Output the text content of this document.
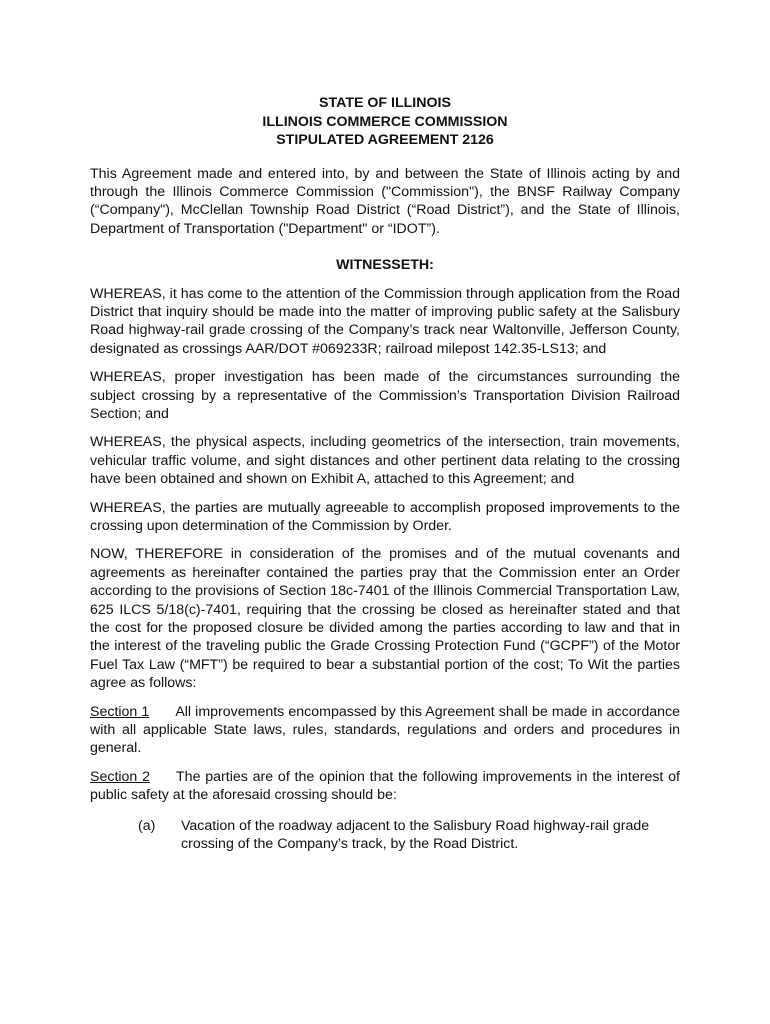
STATE OF ILLINOIS
ILLINOIS COMMERCE COMMISSION
STIPULATED AGREEMENT 2126

This Agreement made and entered into, by and between the State of Illinois acting by and through the Illinois Commerce Commission ("Commission"), the BNSF Railway Company (“Company"), McClellan Township Road District (“Road District”), and the State of Illinois, Department of Transportation ("Department" or “IDOT”).

WITNESSETH:

WHEREAS, it has come to the attention of the Commission through application from the Road District that inquiry should be made into the matter of improving public safety at the Salisbury Road highway-rail grade crossing of the Company’s track near Waltonville, Jefferson County, designated as crossings AAR/DOT #069233R; railroad milepost 142.35-LS13; and

WHEREAS, proper investigation has been made of the circumstances surrounding the subject crossing by a representative of the Commission’s Transportation Division Railroad Section; and

WHEREAS, the physical aspects, including geometrics of the intersection, train movements, vehicular traffic volume, and sight distances and other pertinent data relating to the crossing have been obtained and shown on Exhibit A, attached to this Agreement; and

WHEREAS, the parties are mutually agreeable to accomplish proposed improvements to the crossing upon determination of the Commission by Order.

NOW, THEREFORE in consideration of the promises and of the mutual covenants and agreements as hereinafter contained the parties pray that the Commission enter an Order according to the provisions of Section 18c-7401 of the Illinois Commercial Transportation Law, 625 ILCS 5/18(c)-7401, requiring that the crossing be closed as hereinafter stated and that the cost for the proposed closure be divided among the parties according to law and that in the interest of the traveling public the Grade Crossing Protection Fund (“GCPF”) of the Motor Fuel Tax Law (“MFT”) be required to bear a substantial portion of the cost; To Wit the parties agree as follows:

Section 1 All improvements encompassed by this Agreement shall be made in accordance with all applicable State laws, rules, standards, regulations and orders and procedures in general.

Section 2 The parties are of the opinion that the following improvements in the interest of public safety at the aforesaid crossing should be:

(a)	Vacation of the roadway adjacent to the Salisbury Road highway-rail grade crossing of the Company’s track, by the Road District.
